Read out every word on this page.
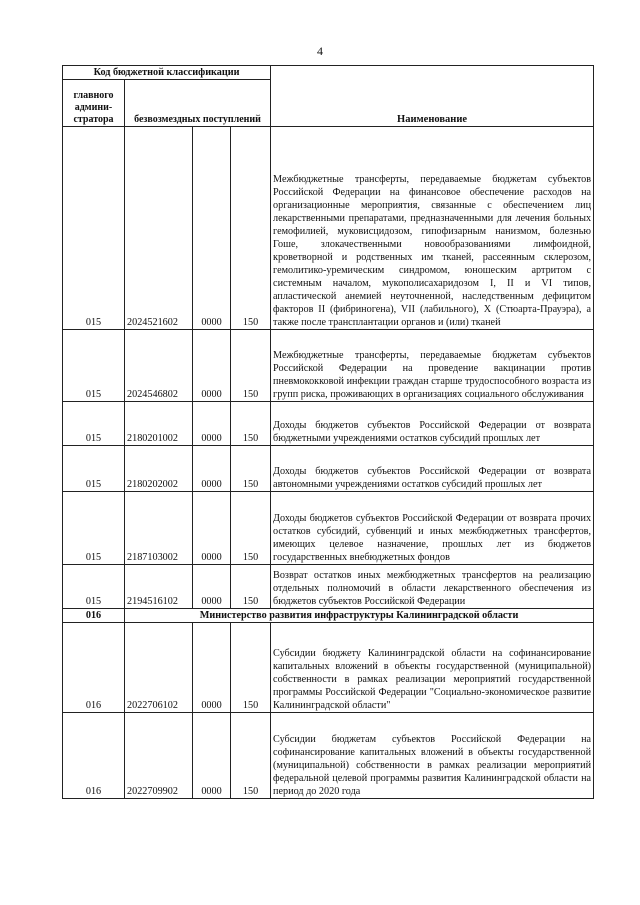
4
Код бюджетной классификации				Наименование
главного админи-стратора	безвозмездных поступлений			
015	2024521602	0000	150	Межбюджетные трансферты, передаваемые бюджетам субъектов Российской Федерации на финансовое обеспечение расходов на организационные мероприятия, связанные с обеспечением лиц лекарственными препаратами, предназначенными для лечения больных гемофилией, муковисцидозом, гипофизарным нанизмом, болезнью Гоше, злокачественными новообразованиями лимфоидной, кроветворной и родственных им тканей, рассеянным склерозом, гемолитико-уремическим синдромом, юношеским артритом с системным началом, мукополисахаридозом I, II и VI типов, апластической анемией неуточненной, наследственным дефицитом факторов II (фибриногена), VII (лабильного), X (Стюарта-Прауэра), а также после трансплантации органов и (или) тканей
015	2024546802	0000	150	Межбюджетные трансферты, передаваемые бюджетам субъектов Российской Федерации на проведение вакцинации против пневмококковой инфекции граждан старше трудоспособного возраста из групп риска, проживающих в организациях социального обслуживания
015	2180201002	0000	150	Доходы бюджетов субъектов Российской Федерации от возврата бюджетными учреждениями остатков субсидий прошлых лет
015	2180202002	0000	150	Доходы бюджетов субъектов Российской Федерации от возврата автономными учреждениями остатков субсидий прошлых лет
015	2187103002	0000	150	Доходы бюджетов субъектов Российской Федерации от возврата прочих остатков субсидий, субвенций и иных межбюджетных трансфертов, имеющих целевое назначение, прошлых лет из бюджетов государственных внебюджетных фондов
015	2194516102	0000	150	Возврат остатков иных межбюджетных трансфертов на реализацию отдельных полномочий в области лекарственного обеспечения из бюджетов субъектов Российской Федерации
016	Министерство развития инфраструктуры Калининградской области			
016	2022706102	0000	150	Субсидии бюджету Калининградской области на софинансирование капитальных вложений в объекты государственной (муниципальной) собственности в рамках реализации мероприятий государственной программы Российской Федерации "Социально-экономическое развитие Калининградской области"
016	2022709902	0000	150	Субсидии бюджетам субъектов Российской Федерации на софинансирование капитальных вложений в объекты государственной (муниципальной) собственности в рамках реализации мероприятий федеральной целевой программы развития Калининградской области на период до 2020 года
